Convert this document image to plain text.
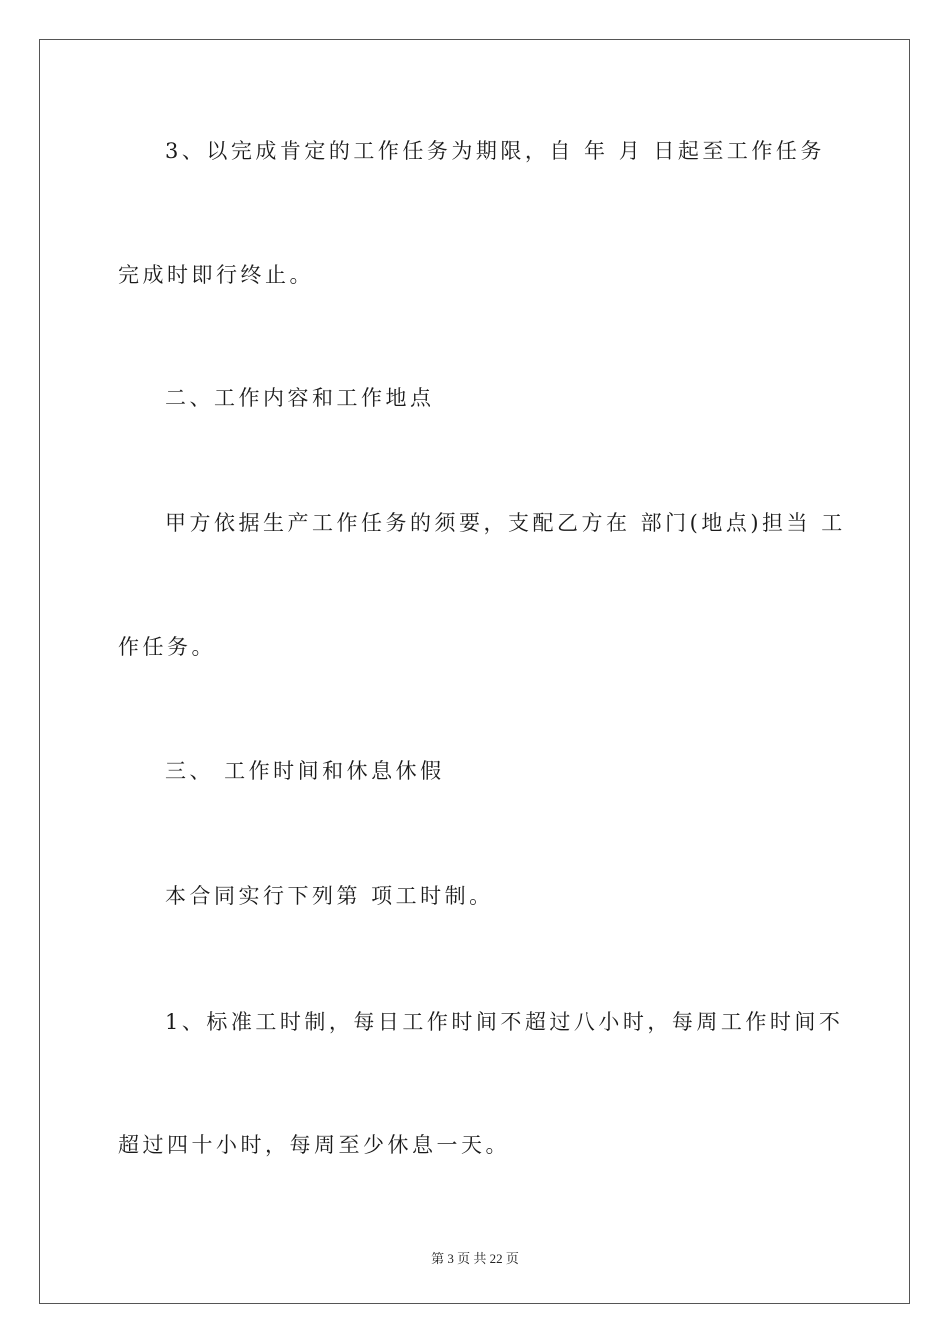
3、以完成肯定的工作任务为期限，自 年 月 日起至工作任务
完成时即行终止。
二、工作内容和工作地点
甲方依据生产工作任务的须要，支配乙方在 部门(地点)担当 工
作任务。
三、 工作时间和休息休假
本合同实行下列第 项工时制。
1、标准工时制，每日工作时间不超过八小时，每周工作时间不
超过四十小时，每周至少休息一天。
第 3 页 共 22 页
